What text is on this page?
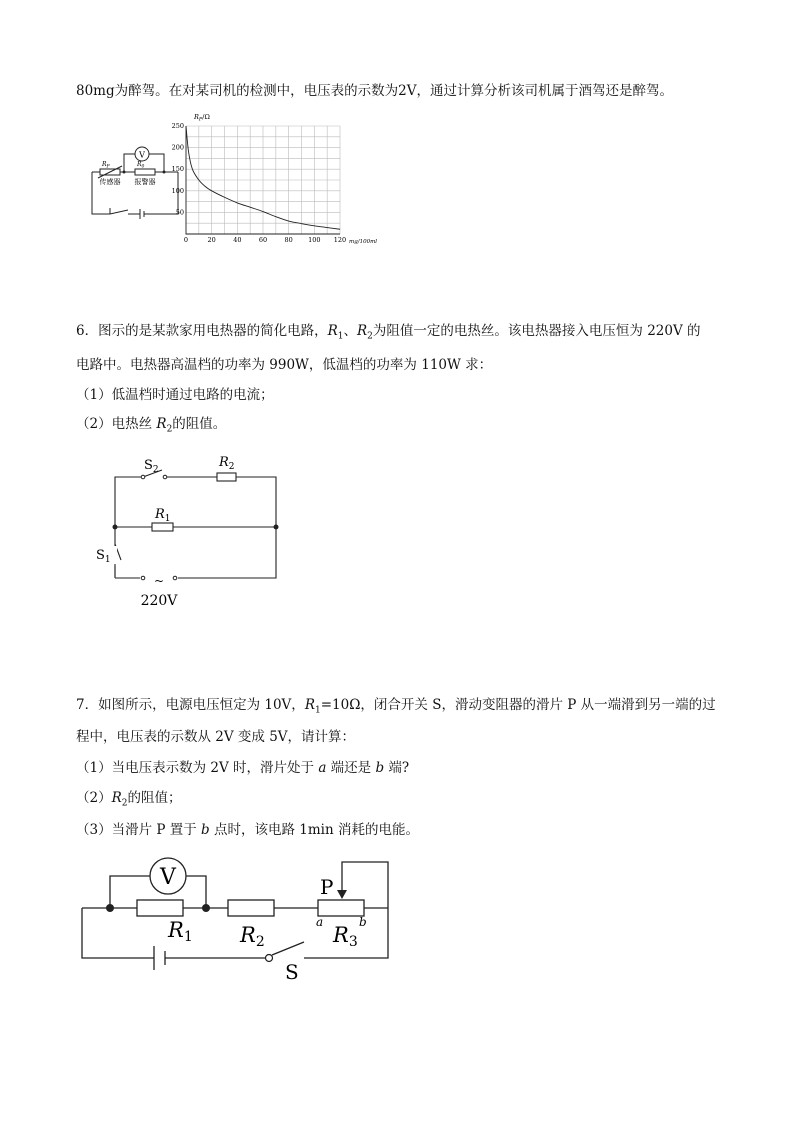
80mg为醉驾。在对某司机的检测中，电压表的示数为2V，通过计算分析该司机属于酒驾还是醉驾。
V
$R_P$	$R_0$
传感器 报警器
250
200
150
100
50
0	20	40	60	80 100 120
$R_P/\Omega$
mg/100ml
6．图示的是某款家用电热器的简化电路，$R_1$、$R_2$为阻值一定的电热丝。该电热器接入电压恒为 220V 的
电路中。电热器高温档的功率为 990W，低温档的功率为 110W 求：
（1）低温档时通过电路的电流；
（2）电热丝 $R_2$的阻值。
$S_2$	$R_2$
$R_1$
$S_1$
~
220V
7．如图所示，电源电压恒定为 10V，$R_1=10\Omega$，闭合开关 S，滑动变阻器的滑片 P 从一端滑到另一端的过
程中，电压表的示数从 2V 变成 5V，请计算：
（1）当电压表示数为 2V 时，滑片处于 a 端还是 b 端?
$(2)R_2$的阻值；
（3）当滑片 P 置于 b 点时，该电路 1min 消耗的电能。
V	P
R1 R2	R3
a	b
S
